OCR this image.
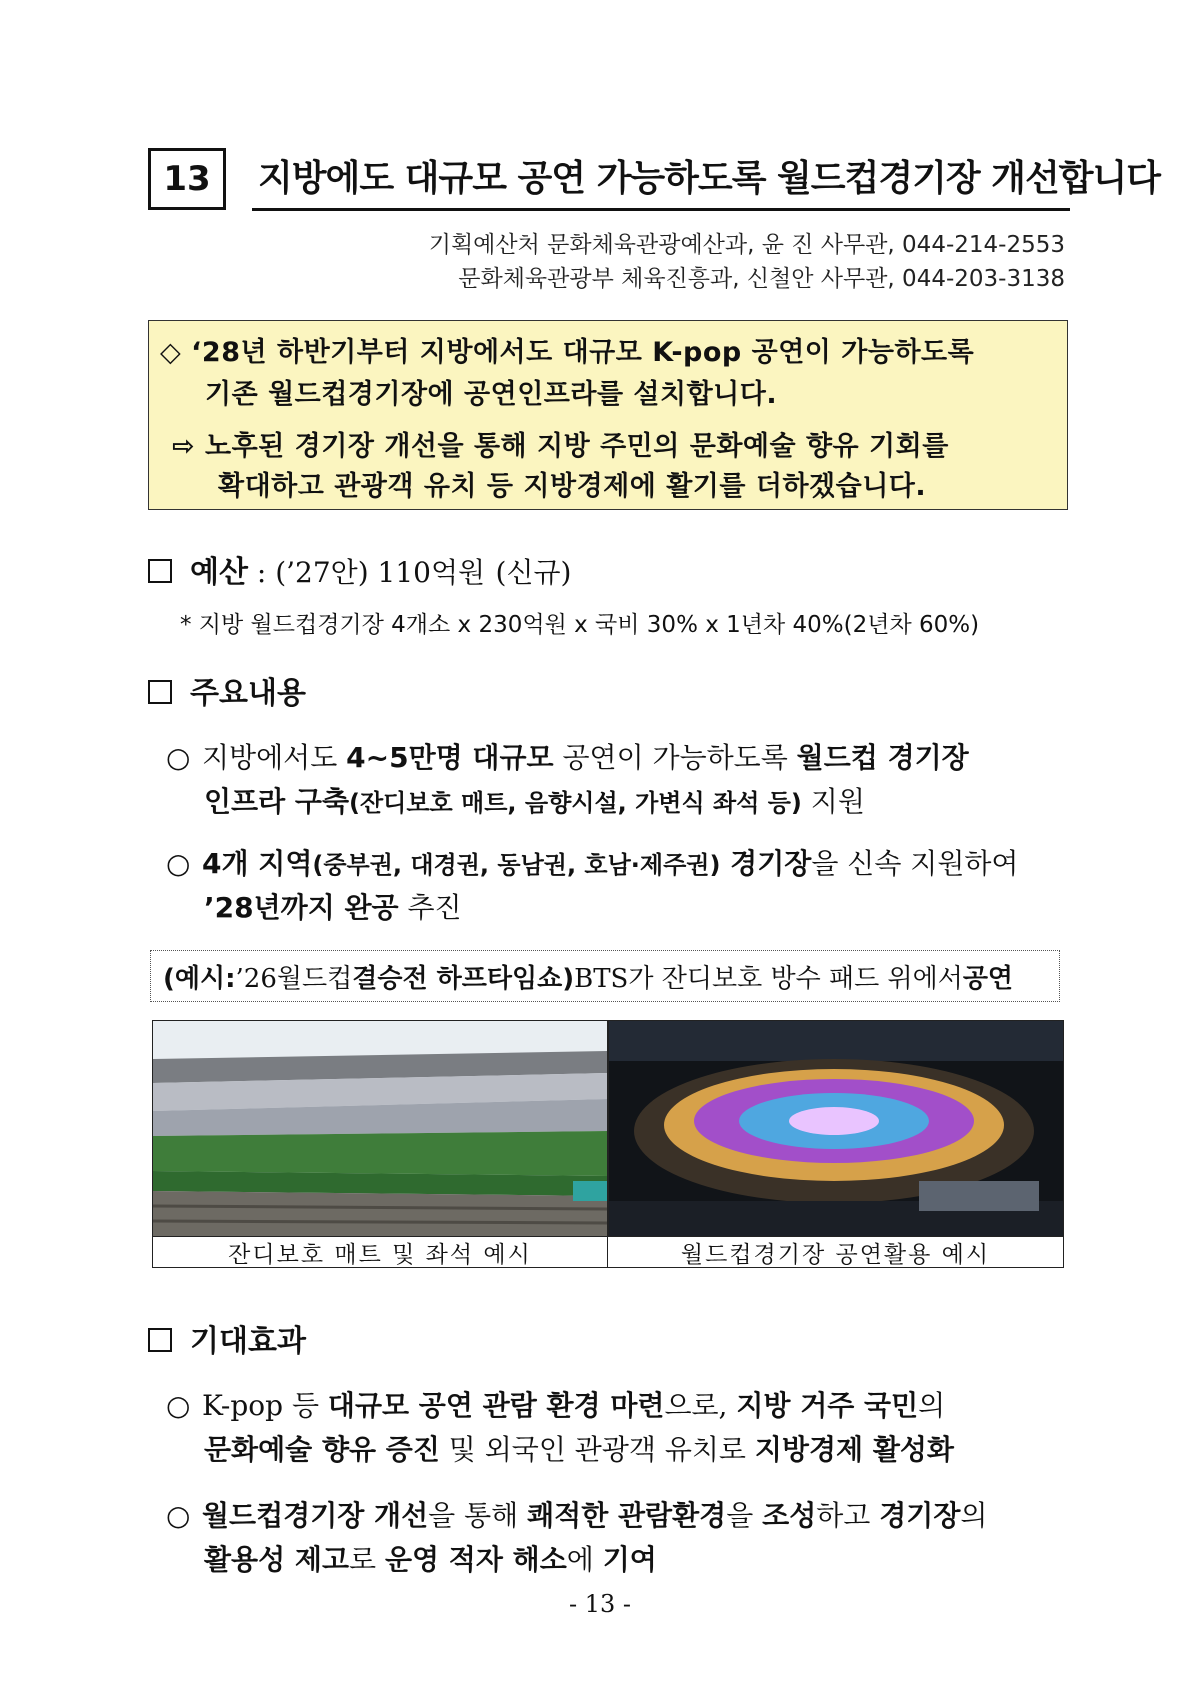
13	지방에도 대규모 공연 가능하도록 월드컵경기장 개선합니다
기획예산처 문화체육관광예산과, 윤 진 사무관, 044-214-2553
문화체육관광부 체육진흥과, 신철안 사무관, 044-203-3138
◇ ‘28년 하반기부터 지방에서도 대규모 K-pop 공연이 가능하도록
기존 월드컵경기장에 공연인프라를 설치합니다.
⇨ 노후된 경기장 개선을 통해 지방 주민의 문화예술 향유 기회를
확대하고 관광객 유치 등 지방경제에 활기를 더하겠습니다.
예산 : (’27안) 110억원 (신규)
* 지방 월드컵경기장 4개소 x 230억원 x 국비 30% x 1년차 40%(2년차 60%)
주요내용
○ 지방에서도 4~5만명 대규모 공연이 가능하도록 월드컵 경기장
인프라 구축(잔디보호 매트, 음향시설, 가변식 좌석 등) 지원
○ 4개 지역(중부권, 대경권, 동남권, 호남·제주권) 경기장을 신속 지원하여
’28년까지 완공 추진
(예시: ’26월드컵 결승전 하프타임쇼) BTS가 잔디보호 방수 패드 위에서 공연
잔디보호 매트 및 좌석 예시	월드컵경기장 공연활용 예시
기대효과
○ K-pop 등 대규모 공연 관람 환경 마련으로, 지방 거주 국민의
문화예술 향유 증진 및 외국인 관광객 유치로 지방경제 활성화
○ 월드컵경기장 개선을 통해 쾌적한 관람환경을 조성하고 경기장의
활용성 제고로 운영 적자 해소에 기여
- 13 -
